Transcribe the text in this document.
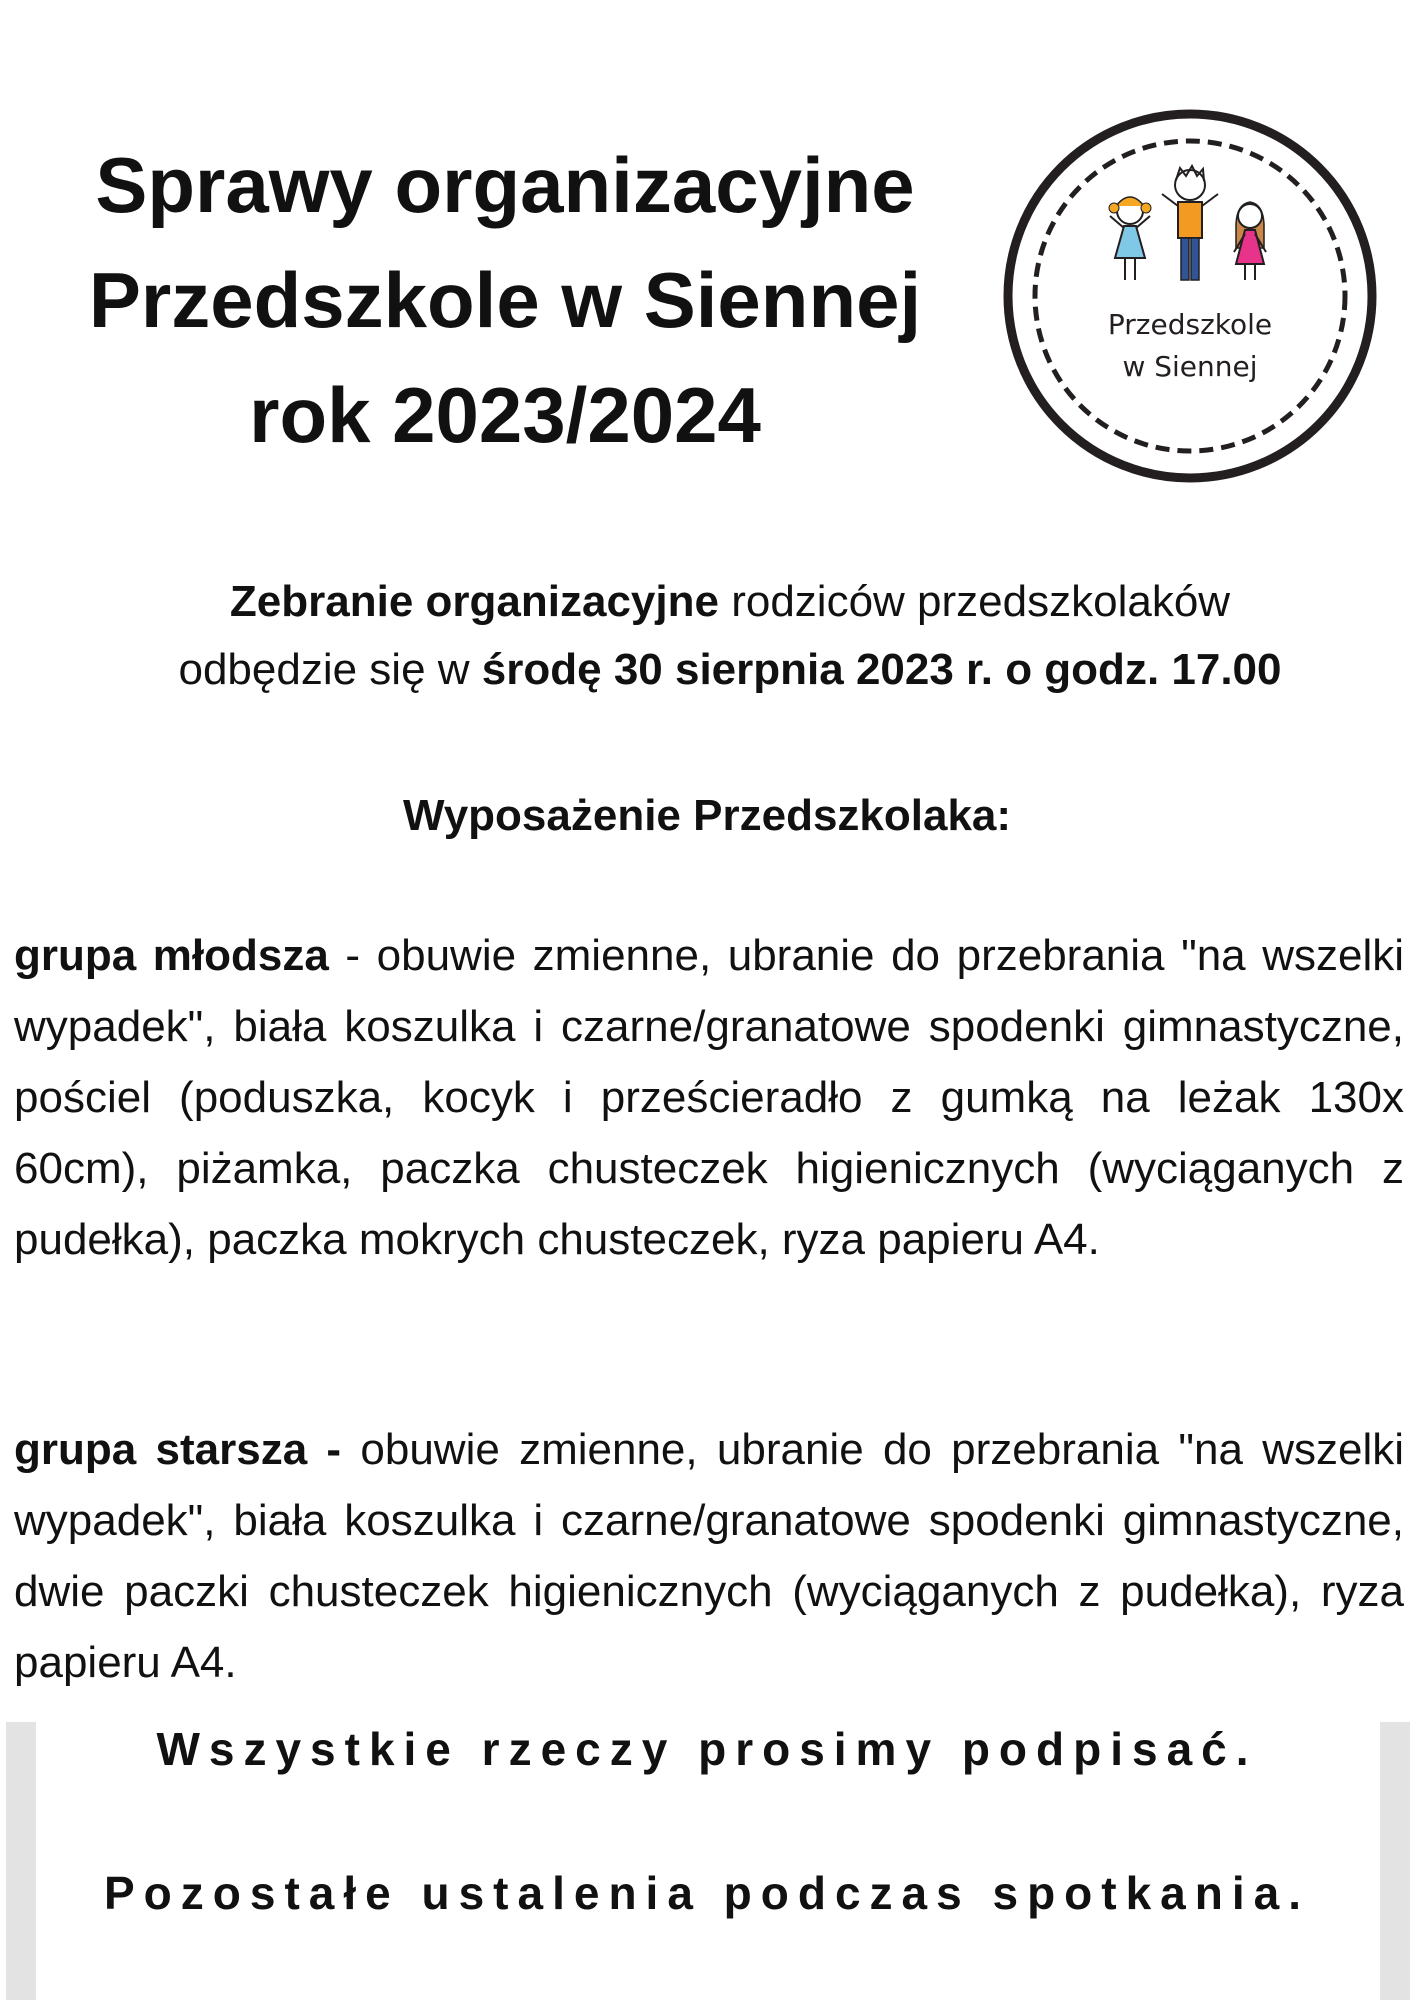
Sprawy organizacyjne
Przedszkole w Siennej
rok 2023/2024
Przedszkole
w Siennej

Zebranie organizacyjne rodziców przedszkolaków
odbędzie się w środę 30 sierpnia 2023 r. o godz. 17.00

Wyposażenie Przedszkolaka:

grupa młodsza - obuwie zmienne, ubranie do przebrania "na wszelki wypadek", biała koszulka i czarne/granatowe spodenki gimnastyczne, pościel (poduszka, kocyk i prześcieradło z gumką na leżak 130x 60cm), piżamka, paczka chusteczek higienicznych (wyciąganych z pudełka), paczka mokrych chusteczek, ryza papieru A4.

grupa starsza - obuwie zmienne, ubranie do przebrania "na wszelki wypadek", biała koszulka i czarne/granatowe spodenki gimnastyczne, dwie paczki chusteczek higienicznych (wyciąganych z pudełka), ryza papieru A4.

Wszystkie rzeczy prosimy podpisać.

Pozostałe ustalenia podczas spotkania.
